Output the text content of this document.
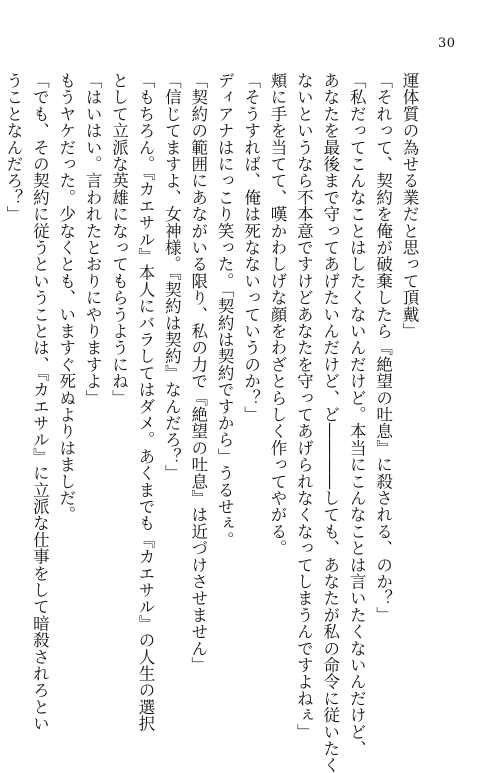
30
運体質の為せる業だと思って頂戴」
「それって、契約を俺が破棄したら『絶望の吐息』に殺される、のか？」
「私だってこんなことはしたくないんだけど。本当にこんなことは言いたくないんだけど、
あなたを最後まで守ってあげたいんだけど、ど――――しても、あなたが私の命令に従いたく
ないというなら不本意ですけどあなたを守ってあげられなくなってしまうんですよねぇ」
頬に手を当てて、嘆かわしげな顔をわざとらしく作ってやがる。
「そうすれば、俺は死なないっていうのか？」
ディアナはにっこり笑った。「契約は契約ですから」うるせぇ。
「契約の範囲にあながいる限り、私の力で『絶望の吐息』は近づけさせません」
「信じてますよ、女神様。『契約は契約』なんだろ？」
「もちろん。『カエサル』本人にバラしてはダメ。あくまでも『カエサル』の人生の選択
として立派な英雄になってもらうようにね」
「はいはい。言われたとおりにやりますよ」
もうヤケだった。少なくとも、いますぐ死ぬよりはましだ。
「でも、その契約に従うということは、『カエサル』に立派な仕事をして暗殺されろとい
うことなんだろ？」
